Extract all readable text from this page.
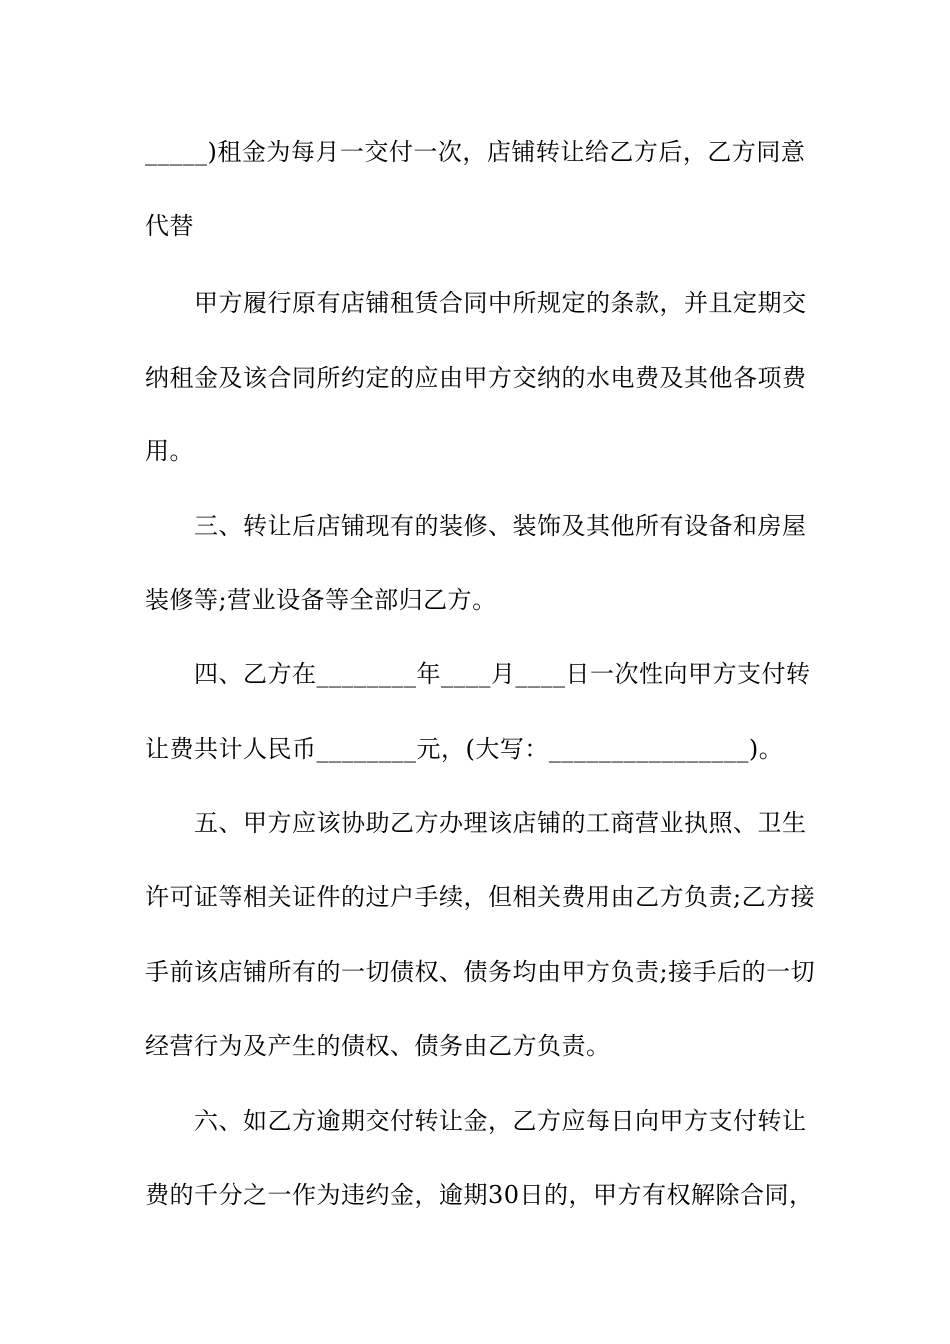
_____)租金为每月一交付一次，店铺转让给乙方后，乙方同意
代替
甲方履行原有店铺租赁合同中所规定的条款，并且定期交
纳租金及该合同所约定的应由甲方交纳的水电费及其他各项费
用。
三、转让后店铺现有的装修、装饰及其他所有设备和房屋
装修等;营业设备等全部归乙方。
四、乙方在________年____月____日一次性向甲方支付转
让费共计人民币________元，(大写：________________)。
五、甲方应该协助乙方办理该店铺的工商营业执照、卫生
许可证等相关证件的过户手续，但相关费用由乙方负责;乙方接
手前该店铺所有的一切债权、债务均由甲方负责;接手后的一切
经营行为及产生的债权、债务由乙方负责。
六、如乙方逾期交付转让金，乙方应每日向甲方支付转让
费的千分之一作为违约金，逾期30日的，甲方有权解除合同，
